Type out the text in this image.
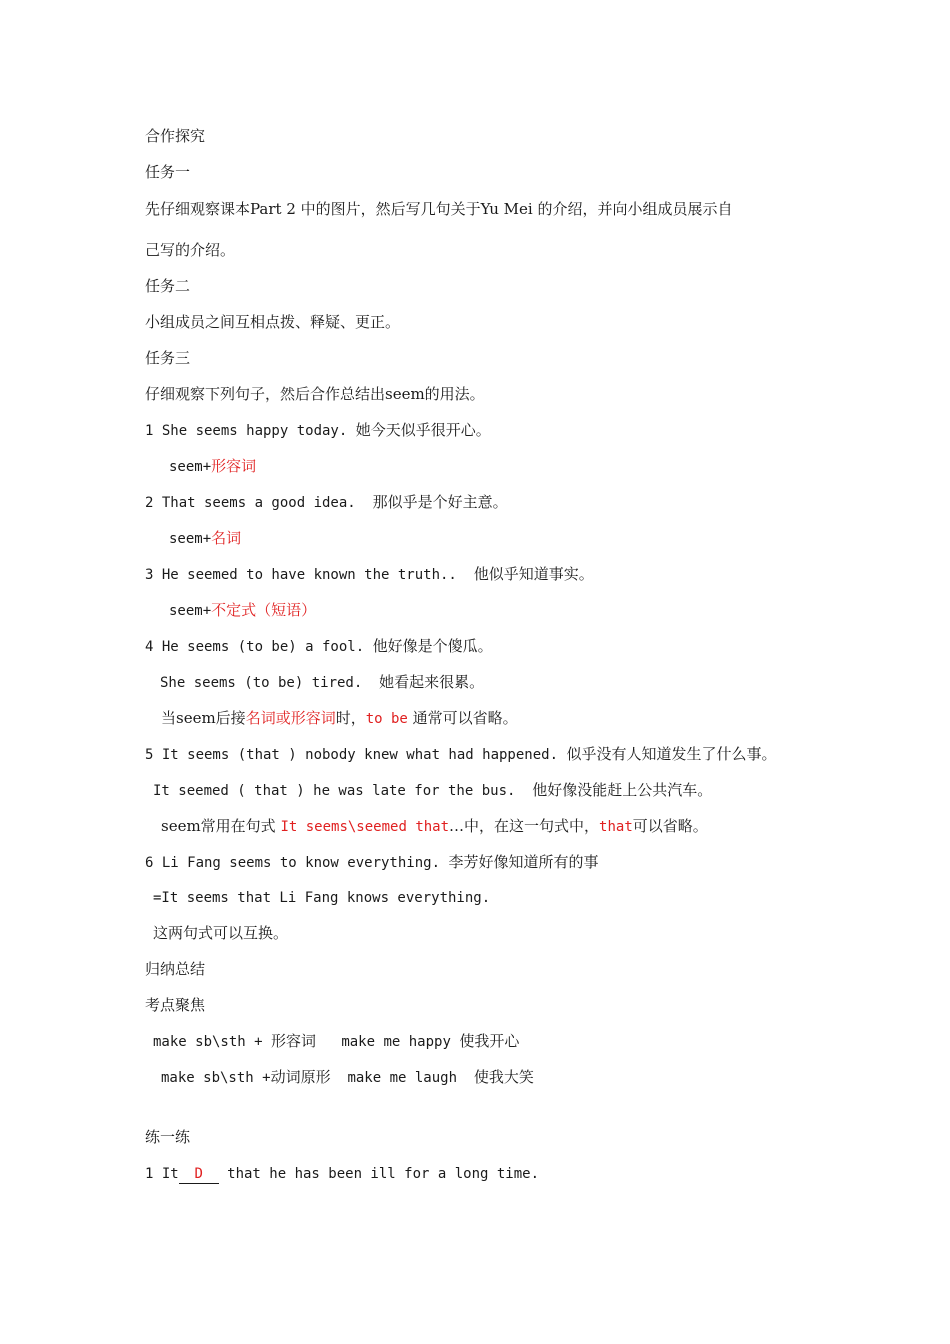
合作探究
任务一
先仔细观察课本Part 2 中的图片，然后写几句关于Yu Mei 的介绍，并向小组成员展示自
己写的介绍。
任务二
小组成员之间互相点拨、释疑、更正。
任务三
仔细观察下列句子，然后合作总结出seem的用法。
1 She seems happy today. 她今天似乎很开心。
seem+形容词
2 That seems a good idea.  那似乎是个好主意。
seem+名词
3 He seemed to have known the truth..  他似乎知道事实。
seem+不定式（短语）
4 He seems (to be) a fool. 他好像是个傻瓜。
She seems (to be) tired.  她看起来很累。
当seem后接名词或形容词时，to be 通常可以省略。
5 It seems (that ) nobody knew what had happened. 似乎没有人知道发生了什么事。
It seemed ( that ) he was late for the bus.  他好像没能赶上公共汽车。
seem常用在句式 It seems\seemed that…中，在这一句式中，that可以省略。
6 Li Fang seems to know everything. 李芳好像知道所有的事
=It seems that Li Fang knows everything.
这两句式可以互换。
归纳总结
考点聚焦
make sb\sth + 形容词   make me happy 使我开心
make sb\sth +动词原形  make me laugh  使我大笑
练一练
1 It D that he has been ill for a long time.
